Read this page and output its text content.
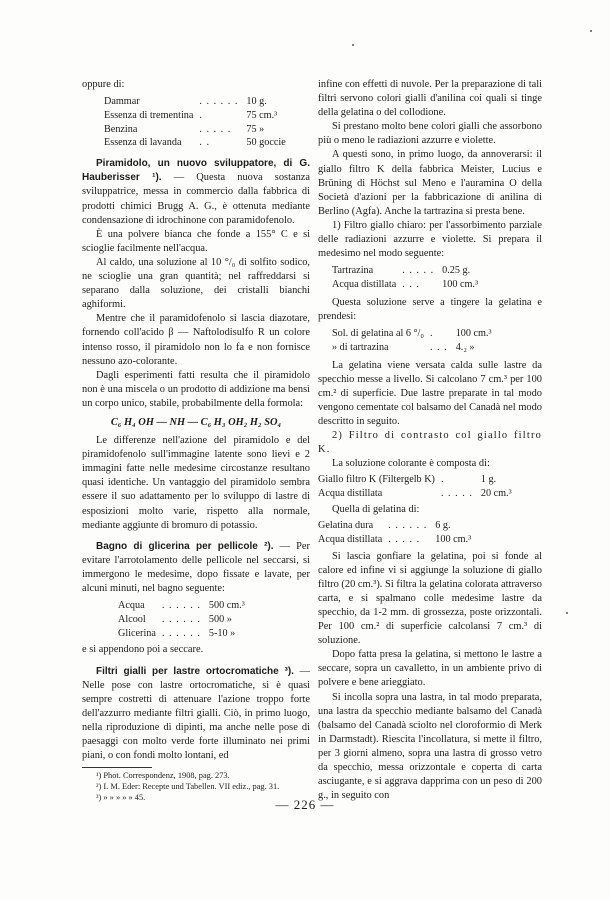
oppure di:

Dammar	. . . . . .	10 g.
Essenza di trementina	.	75 cm.³
Benzina	. . . . .	75 »
Essenza di lavanda	. .	50 goccie

Piramidolo, un nuovo sviluppatore, di G. Hauberisser ¹). — Questa nuova sostanza sviluppatrice, messa in commercio dalla fabbrica di prodotti chimici Brugg A. G., è ottenuta mediante condensazione di idrochinone con paramidofenolo.

È una polvere bianca che fonde a 155° C e si scioglie facilmente nell'acqua.

Al caldo, una soluzione al 10 °/₀ di solfito sodico, ne scioglie una gran quantità; nel raffreddarsi si separano dalla soluzione, dei cristalli bianchi aghiformi.

Mentre che il paramidofenolo si lascia diazotare, fornendo coll'acido β — Naftolodisulfo R un colore intenso rosso, il piramidolo non lo fa e non fornisce nessuno azo-colorante.

Dagli esperimenti fatti resulta che il piramidolo non è una miscela o un prodotto di addizione ma bensì un corpo unico, stabile, probabilmente della formola:

C₆ H₄ OH — NH — C₆ H₃ OH₂ H₂ SO₄

Le differenze nell'azione del piramidolo e del piramidofenolo sull'immagine latente sono lievi e 2 immagini fatte nelle medesime circostanze resultano quasi identiche. Un vantaggio del piramidolo sembra essere il suo adattamento per lo sviluppo di lastre di esposizioni molto varie, rispetto alla normale, mediante aggiunte di bromuro di potassio.

Bagno di glicerina per pellicole ²). — Per evitare l'arrotolamento delle pellicole nel seccarsi, si immergono le medesime, dopo fissate e lavate, per alcuni minuti, nel bagno seguente:

Acqua	. . . . . .	500 cm.³
Alcool	. . . . . .	500 »
Glicerina	. . . . . .	5-10 »

e si appendono poi a seccare.

Filtri gialli per lastre ortocromatiche ³). — Nelle pose con lastre ortocromatiche, si è quasi sempre costretti di attenuare l'azione troppo forte dell'azzurro mediante filtri gialli. Ciò, in primo luogo, nella riproduzione di dipinti, ma anche nelle pose di paesaggi con molto verde forte illuminato nei primi piani, o con fondi molto lontani, ed

¹) Phot. Correspondenz, 1908, pag. 273.
²) I. M. Eder: Recepte und Tabellen. VII ediz., pag. 31.
³) » » » » » 45.

infine con effetti di nuvole. Per la preparazione di tali filtri servono colori gialli d'anilina coi quali si tinge della gelatina o del collodione.

Si prestano molto bene colori gialli che assorbono più o meno le radiazioni azzurre e violette.

A questi sono, in primo luogo, da annoverarsi: il giallo filtro K della fabbrica Meister, Lucius e Brüning di Höchst sul Meno e l'auramina O della Società d'azioni per la fabbricazione di anilina di Berlino (Agfa). Anche la tartrazina si presta bene.

1) Filtro giallo chiaro: per l'assorbimento parziale delle radiazioni azzurre e violette. Si prepara il medesimo nel modo seguente:

Tartrazina	. . . . .	0.25 g.
Acqua distillata	. . .	100 cm.³

Questa soluzione serve a tingere la gelatina e prendesi:

Sol. di gelatina al 6 °/₀	.	100 cm.³
» di tartrazina	. . .	4.₂ »

La gelatina viene versata calda sulle lastre da specchio messe a livello. Si calcolano 7 cm.³ per 100 cm.² di superficie. Due lastre preparate in tal modo vengono cementate col balsamo del Canadà nel modo descritto in seguito.

2) Filtro di contrasto col giallo filtro K.

La soluzione colorante è composta di:

Giallo filtro K (Filtergelb K)	.	1 g.
Acqua distillata	. . . . .	20 cm.³

Quella di gelatina di:

Gelatina dura	. . . . . .	6 g.
Acqua distillata	. . . . .	100 cm.³

Si lascia gonfiare la gelatina, poi si fonde al calore ed infine vi si aggiunge la soluzione di giallo filtro (20 cm.³). Si filtra la gelatina colorata attraverso carta, e si spalmano colle medesime lastre da specchio, da 1-2 mm. di grossezza, poste orizzontali. Per 100 cm.² di superficie calcolansi 7 cm.³ di soluzione.

Dopo fatta presa la gelatina, si mettono le lastre a seccare, sopra un cavalletto, in un ambiente privo di polvere e bene arieggiato.

Si incolla sopra una lastra, in tal modo preparata, una lastra da specchio mediante balsamo del Canadà (balsamo del Canadà sciolto nel cloroformio di Merk in Darmstadt). Riescita l'incollatura, si mette il filtro, per 3 giorni almeno, sopra una lastra di grosso vetro da specchio, messa orizzontale e coperta di carta asciugante, e si aggrava dapprima con un peso di 200 g., in seguito con

— 226 —
